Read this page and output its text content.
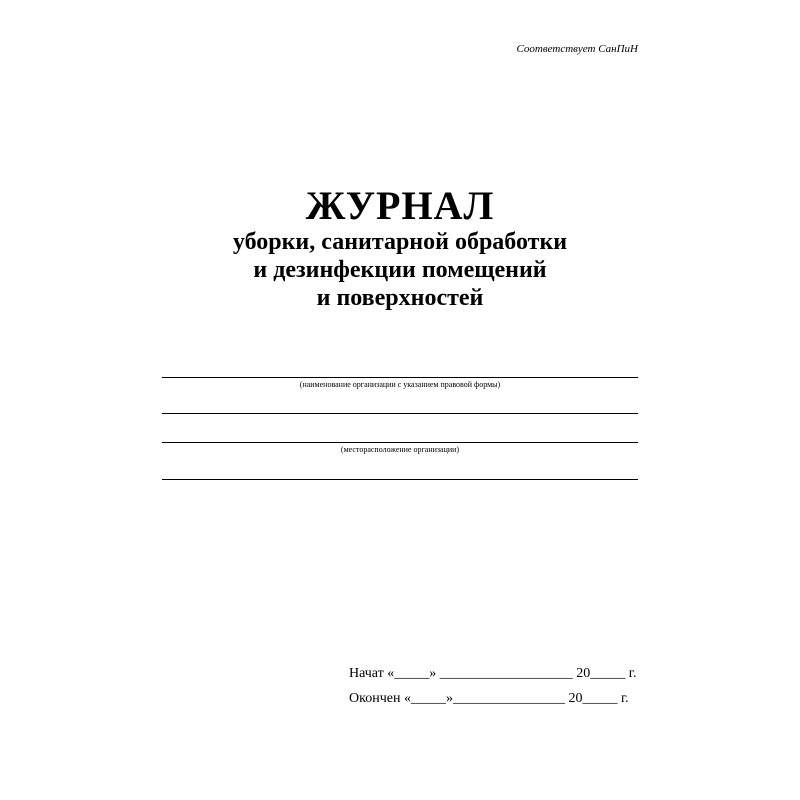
Соответствует СанПиН
ЖУРНАЛ
уборки, санитарной обработки
и дезинфекции помещений
и поверхностей
(наименование организации с указанием правовой формы)
(месторасположение организации)
Начат «_____» ___________________ 20_____ г.
Окончен «_____»________________ 20_____ г.
